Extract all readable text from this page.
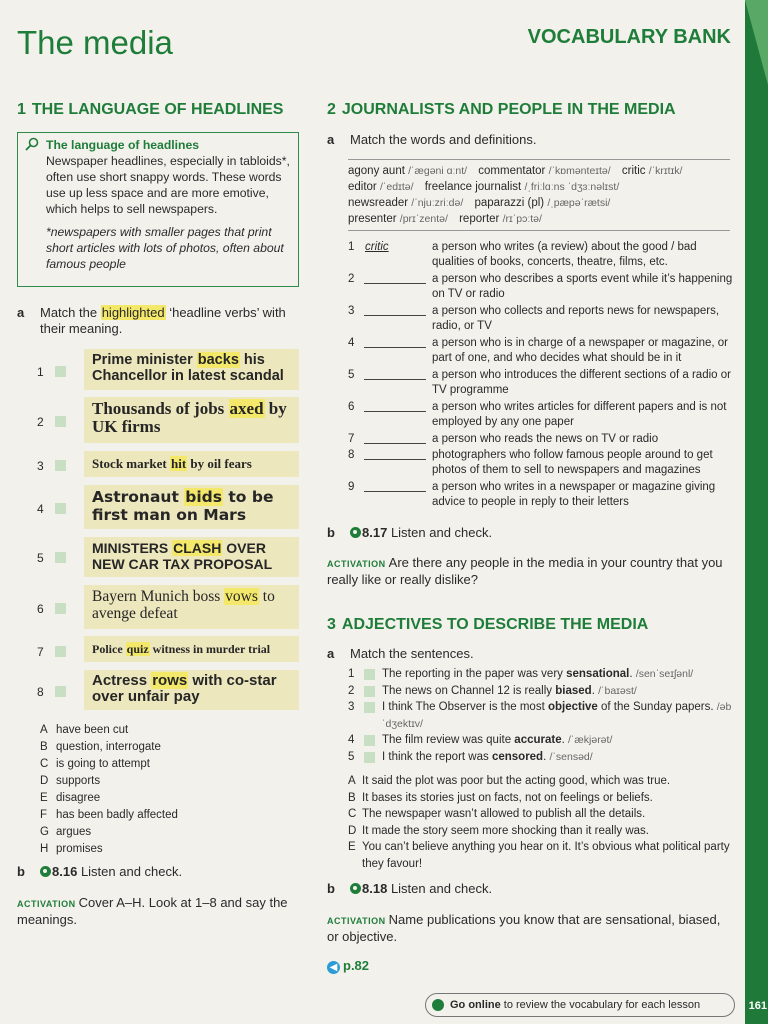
The media	VOCABULARY BANK
1 THE LANGUAGE OF HEADLINES
The language of headlines
Newspaper headlines, especially in tabloids*, often use short snappy words. These words use up less space and are more emotive, which helps to sell newspapers.
*newspapers with smaller pages that print short articles with lots of photos, often about famous people
a Match the highlighted ‘headline verbs’ with their meaning.
1
Prime minister backs his Chancellor in latest scandal
2
Thousands of jobs axed by UK firms
3	Stock market hit by oil fears
4
Astronaut bids to be first man on Mars
5
MINISTERS CLASH OVER NEW CAR TAX PROPOSAL
6
Bayern Munich boss vows to avenge defeat
7	Police quiz witness in murder trial
8
Actress rows with co-star over unfair pay
A have been cut
B question, interrogate
C is going to attempt
D supports
E disagree
F has been badly affected
G argues
H promises
b	8.16 Listen and check.
ACTIVATION Cover A–H. Look at 1–8 and say the meanings.
2 JOURNALISTS AND PEOPLE IN THE MEDIA
a Match the words and definitions.
agony aunt /ˈæɡəni ɑːnt/ commentator /ˈkɒmənteɪtə/ critic /ˈkrɪtɪk/
editor /ˈedɪtə/ freelance journalist /ˌfriːlɑːns ˈdʒɜːnəlɪst/
newsreader /ˈnjuːzriːdə/ paparazzi (pl) /ˌpæpəˈrætsi/
presenter /prɪˈzentə/ reporter /rɪˈpɔːtə/
1 critic	a person who writes (a review) about the good / bad qualities of books, concerts, theatre, films, etc.
2	a person who describes a sports event while it’s happening on TV or radio
3	a person who collects and reports news for newspapers, radio, or TV
4	a person who is in charge of a newspaper or magazine, or part of one, and who decides what should be in it
5	a person who introduces the different sections of a radio or TV programme
6	a person who writes articles for different papers and is not employed by any one paper
7	a person who reads the news on TV or radio
8	photographers who follow famous people around to get photos of them to sell to newspapers and magazines
9	a person who writes in a newspaper or magazine giving advice to people in reply to their letters
b	8.17 Listen and check.
ACTIVATION Are there any people in the media in your country that you really like or really dislike?
3 ADJECTIVES TO DESCRIBE THE MEDIA
a Match the sentences.
1 The reporting in the paper was very sensational. /senˈseɪʃənl/
2 The news on Channel 12 is really biased. /ˈbaɪəst/
3 I think The Observer is the most objective of the Sunday papers. /əbˈdʒektɪv/
4 The film review was quite accurate. /ˈækjərət/
5 I think the report was censored. /ˈsensəd/
A It said the plot was poor but the acting good, which was true.
B It bases its stories just on facts, not on feelings or beliefs.
C The newspaper wasn’t allowed to publish all the details.
D It made the story seem more shocking than it really was.
E You can’t believe anything you hear on it. It’s obvious what political party they favour!
b	8.18 Listen and check.
ACTIVATION Name publications you know that are sensational, biased, or objective.
◀ p.82
Go online to review the vocabulary for each lesson	161
